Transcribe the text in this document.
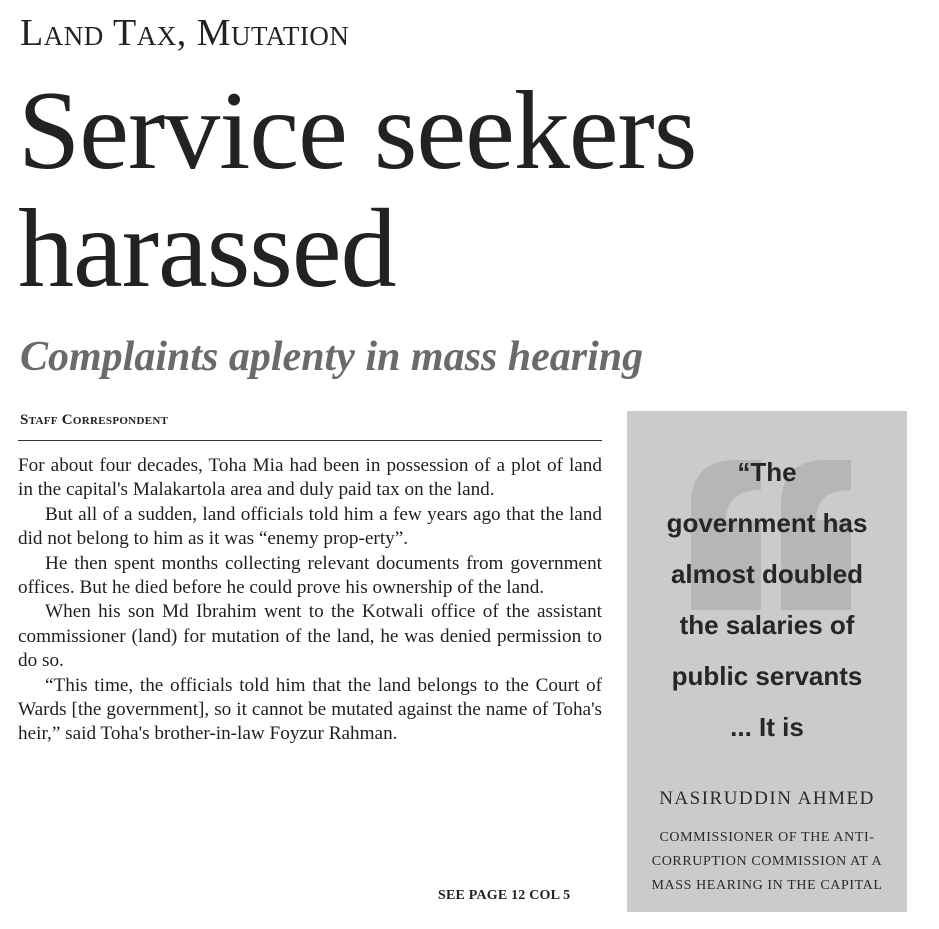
Land Tax, Mutation
Service seekers
harassed
Complaints aplenty in mass hearing
Staff Correspondent

For about four decades, Toha Mia had been in possession of a plot of land in the capital's Malakartola area and duly paid tax on the land.

But all of a sudden, land officials told him a few years ago that the land did not belong to him as it was “enemy prop-erty”.

He then spent months collecting relevant documents from government offices. But he died before he could prove his ownership of the land.

When his son Md Ibrahim went to the Kotwali office of the assistant commissioner (land) for mutation of the land, he was denied permission to do so.

“This time, the officials told him that the land belongs to the Court of Wards [the government], so it cannot be mutated against the name of Toha's heir,” said Toha's brother-in-law Foyzur Rahman.

SEE PAGE 12 COL 5
“The
government has
almost doubled
the salaries of
public servants
... It is
NASIRUDDIN AHMED
COMMISSIONER OF THE ANTI-
CORRUPTION COMMISSION AT A
MASS HEARING IN THE CAPITAL
